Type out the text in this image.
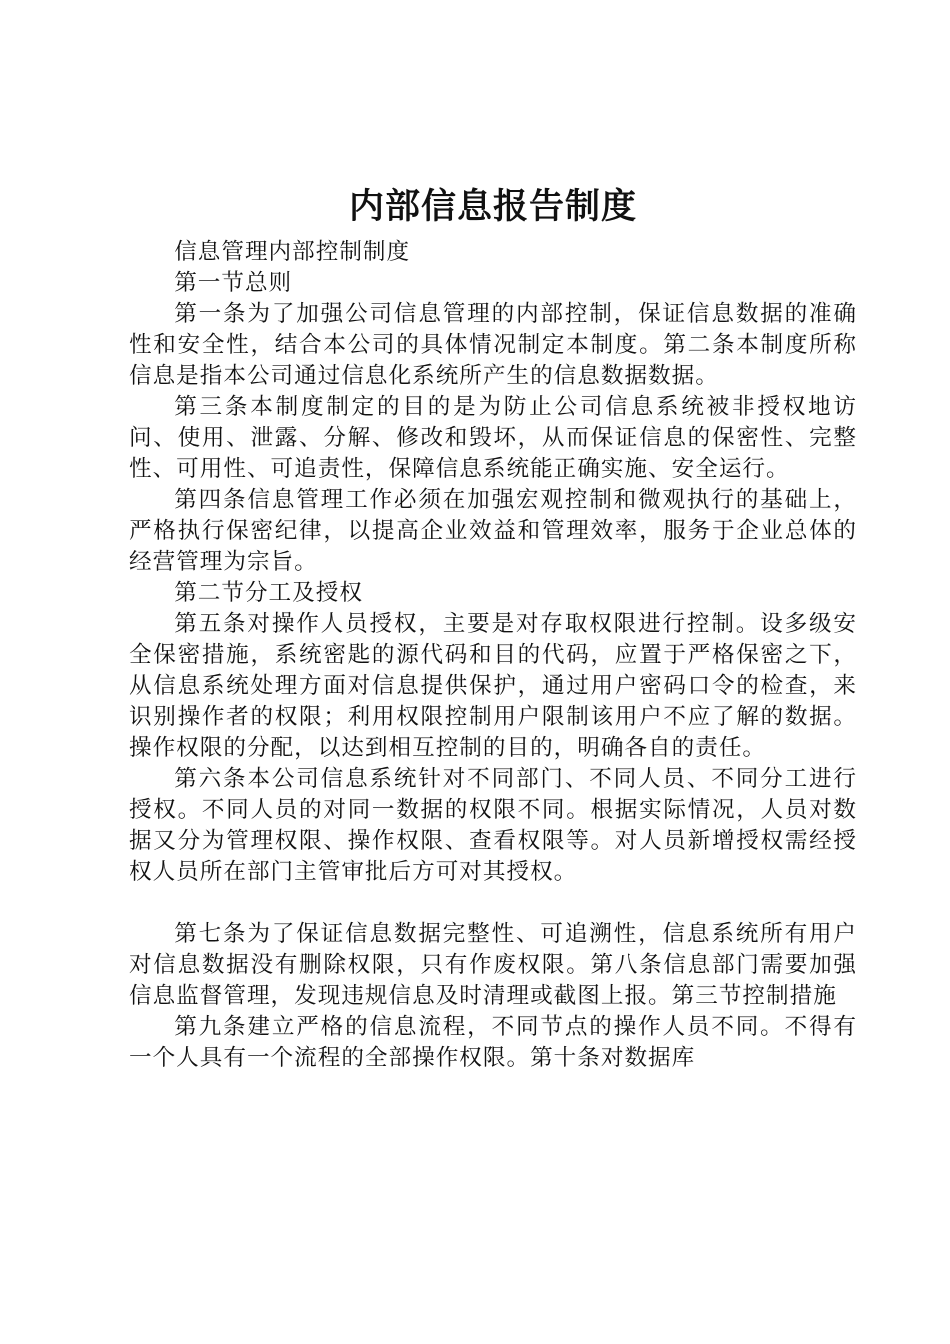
内部信息报告制度

信息管理内部控制制度

第一节总则

第一条为了加强公司信息管理的内部控制，保证信息数据的准确性和安全性，结合本公司的具体情况制定本制度。第二条本制度所称信息是指本公司通过信息化系统所产生的信息数据数据。

第三条本制度制定的目的是为防止公司信息系统被非授权地访问、使用、泄露、分解、修改和毁坏，从而保证信息的保密性、完整性、可用性、可追责性，保障信息系统能正确实施、安全运行。

第四条信息管理工作必须在加强宏观控制和微观执行的基础上，严格执行保密纪律，以提高企业效益和管理效率，服务于企业总体的经营管理为宗旨。

第二节分工及授权

第五条对操作人员授权，主要是对存取权限进行控制。设多级安全保密措施，系统密匙的源代码和目的代码，应置于严格保密之下，从信息系统处理方面对信息提供保护，通过用户密码口令的检查，来识别操作者的权限；利用权限控制用户限制该用户不应了解的数据。操作权限的分配，以达到相互控制的目的，明确各自的责任。

第六条本公司信息系统针对不同部门、不同人员、不同分工进行授权。不同人员的对同一数据的权限不同。根据实际情况，人员对数据又分为管理权限、操作权限、查看权限等。对人员新增授权需经授权人员所在部门主管审批后方可对其授权。

第七条为了保证信息数据完整性、可追溯性，信息系统所有用户对信息数据没有删除权限，只有作废权限。第八条信息部门需要加强信息监督管理，发现违规信息及时清理或截图上报。第三节控制措施

第九条建立严格的信息流程，不同节点的操作人员不同。不得有一个人具有一个流程的全部操作权限。第十条对数据库
